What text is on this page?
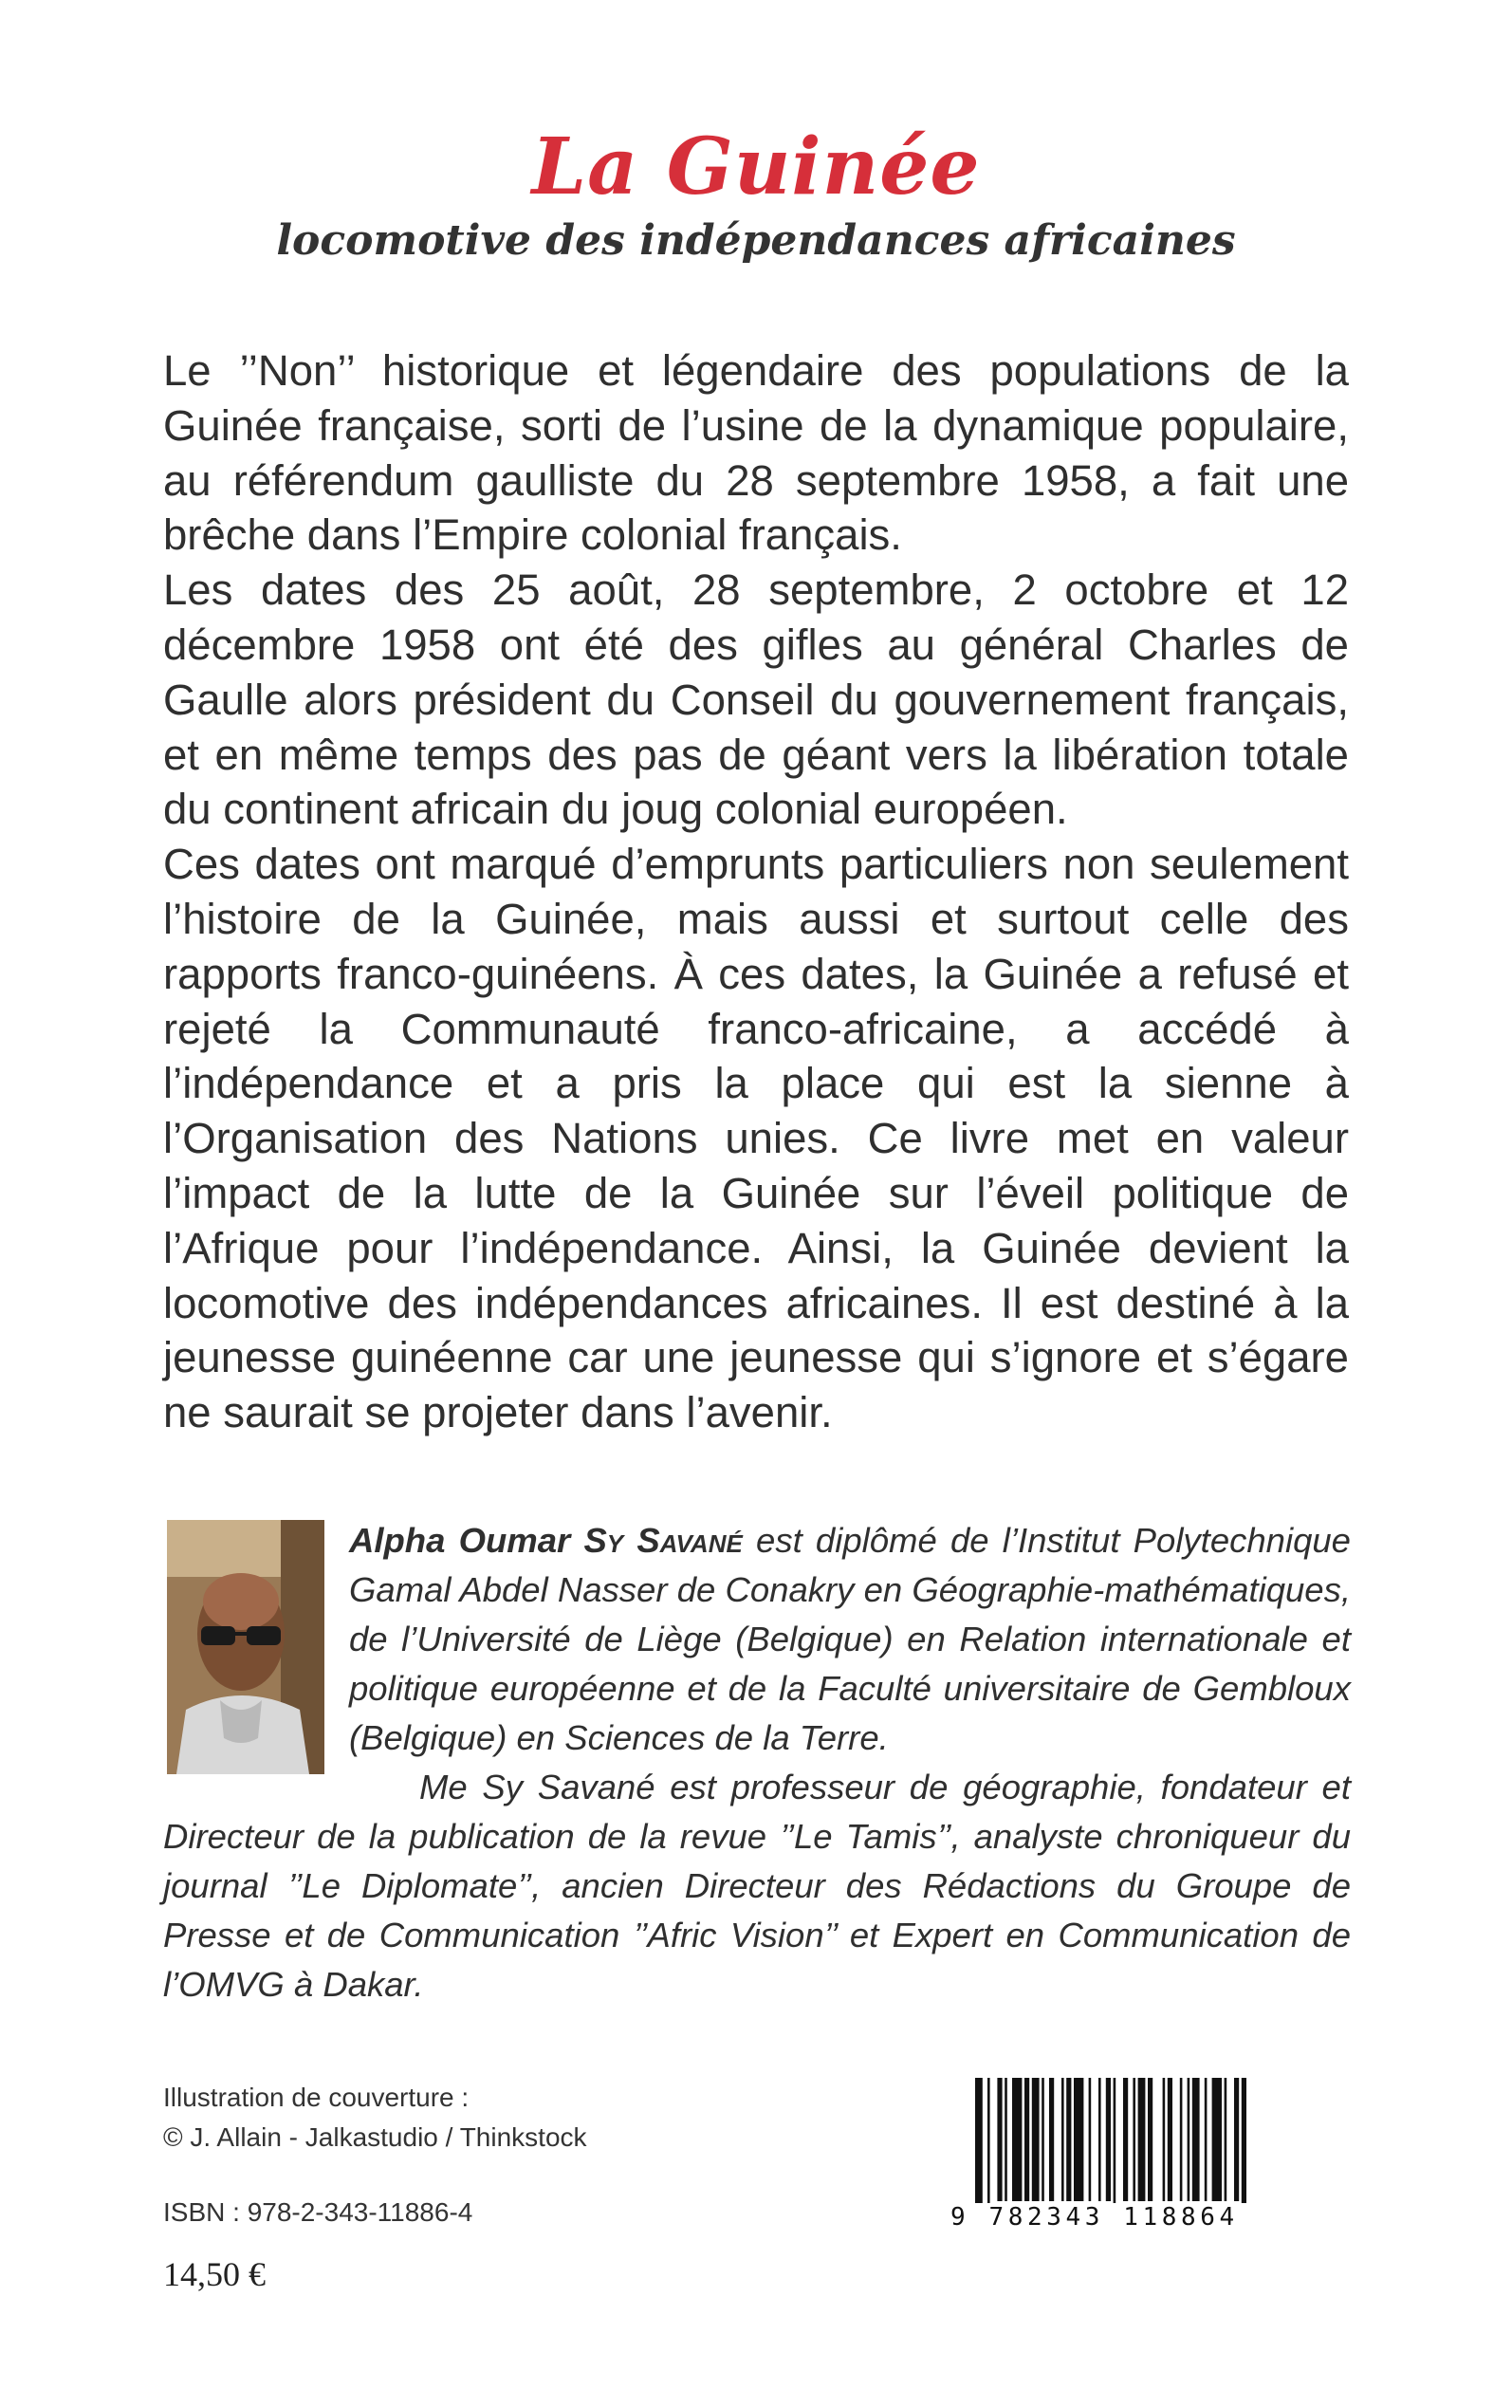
La Guinée
locomotive des indépendances africaines

Le ’’Non’’ historique et légendaire des populations de la Guinée française, sorti de l’usine de la dynamique populaire, au référendum gaulliste du 28 septembre 1958, a fait une brêche dans l’Empire colonial français.

Les dates des 25 août, 28 septembre, 2 octobre et 12 décembre 1958 ont été des gifles au général Charles de Gaulle alors président du Conseil du gouvernement français, et en même temps des pas de géant vers la libération totale du continent africain du joug colonial européen.

Ces dates ont marqué d’emprunts particuliers non seulement l’histoire de la Guinée, mais aussi et surtout celle des rapports franco-guinéens. À ces dates, la Guinée a refusé et rejeté la Communauté franco-africaine, a accédé à l’indépendance et a pris la place qui est la sienne à l’Organisation des Nations unies. Ce livre met en valeur l’impact de la lutte de la Guinée sur l’éveil politique de l’Afrique pour l’indépendance. Ainsi, la Guinée devient la locomotive des indépendances africaines. Il est destiné à la jeunesse guinéenne car une jeunesse qui s’ignore et s’égare ne saurait se projeter dans l’avenir.

Alpha Oumar Sy Savané est diplômé de l’Institut Polytechnique Gamal Abdel Nasser de Conakry en Géographie-mathématiques, de l’Université de Liège (Belgique) en Relation internationale et politique européenne et de la Faculté universitaire de Gembloux (Belgique) en Sciences de la Terre.

Me Sy Savané est professeur de géographie, fondateur et Directeur de la publication de la revue ’’Le Tamis’’, analyste chroniqueur du journal ’’Le Diplomate’’, ancien Directeur des Rédactions du Groupe de Presse et de Communication ’’Afric Vision’’ et Expert en Communication de l’OMVG à Dakar.

Illustration de couverture :

© J. Allain - Jalkastudio / Thinkstock

ISBN : 978-2-343-11886-4

14,50 €

9 782343 118864
